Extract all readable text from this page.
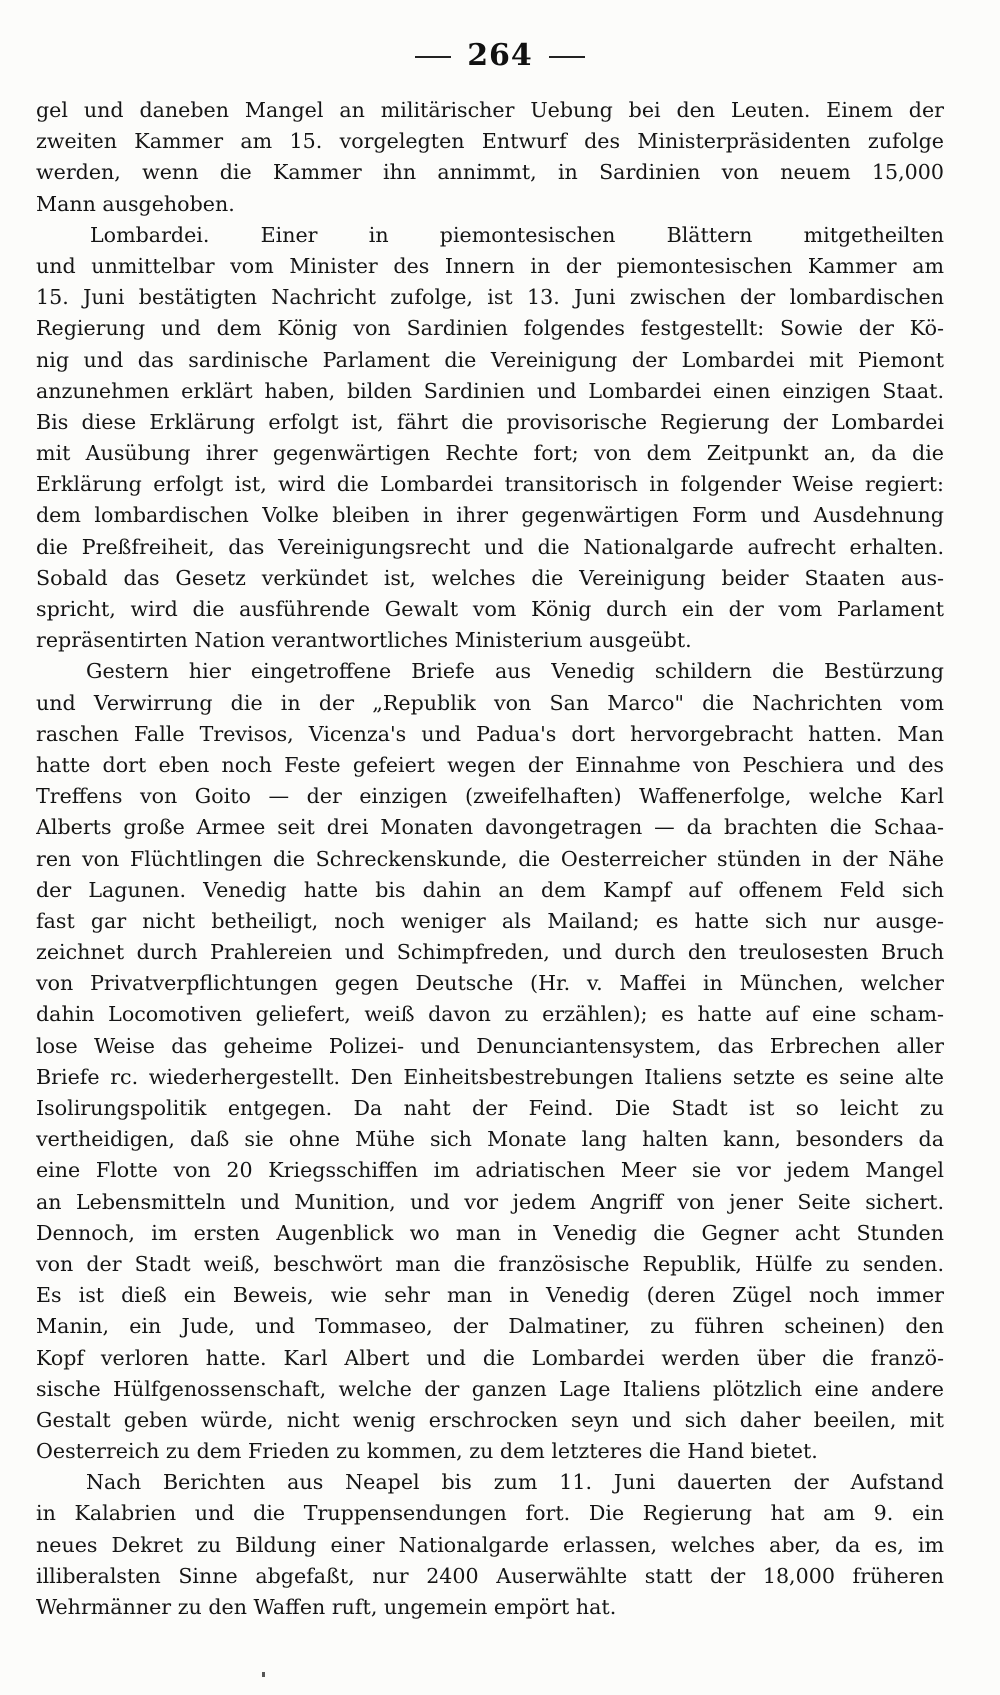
264
gel und daneben Mangel an militärischer Uebung bei den Leuten. Einem der
zweiten Kammer am 15. vorgelegten Entwurf des Ministerpräsidenten zufolge
werden, wenn die Kammer ihn annimmt, in Sardinien von neuem 15,000
Mann ausgehoben.
Lombardei. Einer in piemontesischen Blättern mitgetheilten
und unmittelbar vom Minister des Innern in der piemontesischen Kammer am
15. Juni bestätigten Nachricht zufolge, ist 13. Juni zwischen der lombardischen
Regierung und dem König von Sardinien folgendes festgestellt: Sowie der Kö-
nig und das sardinische Parlament die Vereinigung der Lombardei mit Piemont
anzunehmen erklärt haben, bilden Sardinien und Lombardei einen einzigen Staat.
Bis diese Erklärung erfolgt ist, fährt die provisorische Regierung der Lombardei
mit Ausübung ihrer gegenwärtigen Rechte fort; von dem Zeitpunkt an, da die
Erklärung erfolgt ist, wird die Lombardei transitorisch in folgender Weise regiert:
dem lombardischen Volke bleiben in ihrer gegenwärtigen Form und Ausdehnung
die Preßfreiheit, das Vereinigungsrecht und die Nationalgarde aufrecht erhalten.
Sobald das Gesetz verkündet ist, welches die Vereinigung beider Staaten aus-
spricht, wird die ausführende Gewalt vom König durch ein der vom Parlament
repräsentirten Nation verantwortliches Ministerium ausgeübt.
Gestern hier eingetroffene Briefe aus Venedig schildern die Bestürzung
und Verwirrung die in der „Republik von San Marco" die Nachrichten vom
raschen Falle Trevisos, Vicenza's und Padua's dort hervorgebracht hatten. Man
hatte dort eben noch Feste gefeiert wegen der Einnahme von Peschiera und des
Treffens von Goito — der einzigen (zweifelhaften) Waffenerfolge, welche Karl
Alberts große Armee seit drei Monaten davongetragen — da brachten die Schaa-
ren von Flüchtlingen die Schreckenskunde, die Oesterreicher stünden in der Nähe
der Lagunen. Venedig hatte bis dahin an dem Kampf auf offenem Feld sich
fast gar nicht betheiligt, noch weniger als Mailand; es hatte sich nur ausge-
zeichnet durch Prahlereien und Schimpfreden, und durch den treulosesten Bruch
von Privatverpflichtungen gegen Deutsche (Hr. v. Maffei in München, welcher
dahin Locomotiven geliefert, weiß davon zu erzählen); es hatte auf eine scham-
lose Weise das geheime Polizei- und Denunciantensystem, das Erbrechen aller
Briefe rc. wiederhergestellt. Den Einheitsbestrebungen Italiens setzte es seine alte
Isolirungspolitik entgegen. Da naht der Feind. Die Stadt ist so leicht zu
vertheidigen, daß sie ohne Mühe sich Monate lang halten kann, besonders da
eine Flotte von 20 Kriegsschiffen im adriatischen Meer sie vor jedem Mangel
an Lebensmitteln und Munition, und vor jedem Angriff von jener Seite sichert.
Dennoch, im ersten Augenblick wo man in Venedig die Gegner acht Stunden
von der Stadt weiß, beschwört man die französische Republik, Hülfe zu senden.
Es ist dieß ein Beweis, wie sehr man in Venedig (deren Zügel noch immer
Manin, ein Jude, und Tommaseo, der Dalmatiner, zu führen scheinen) den
Kopf verloren hatte. Karl Albert und die Lombardei werden über die franzö-
sische Hülfgenossenschaft, welche der ganzen Lage Italiens plötzlich eine andere
Gestalt geben würde, nicht wenig erschrocken seyn und sich daher beeilen, mit
Oesterreich zu dem Frieden zu kommen, zu dem letzteres die Hand bietet.
Nach Berichten aus Neapel bis zum 11. Juni dauerten der Aufstand
in Kalabrien und die Truppensendungen fort. Die Regierung hat am 9. ein
neues Dekret zu Bildung einer Nationalgarde erlassen, welches aber, da es, im
illiberalsten Sinne abgefaßt, nur 2400 Auserwählte statt der 18,000 früheren
Wehrmänner zu den Waffen ruft, ungemein empört hat.
